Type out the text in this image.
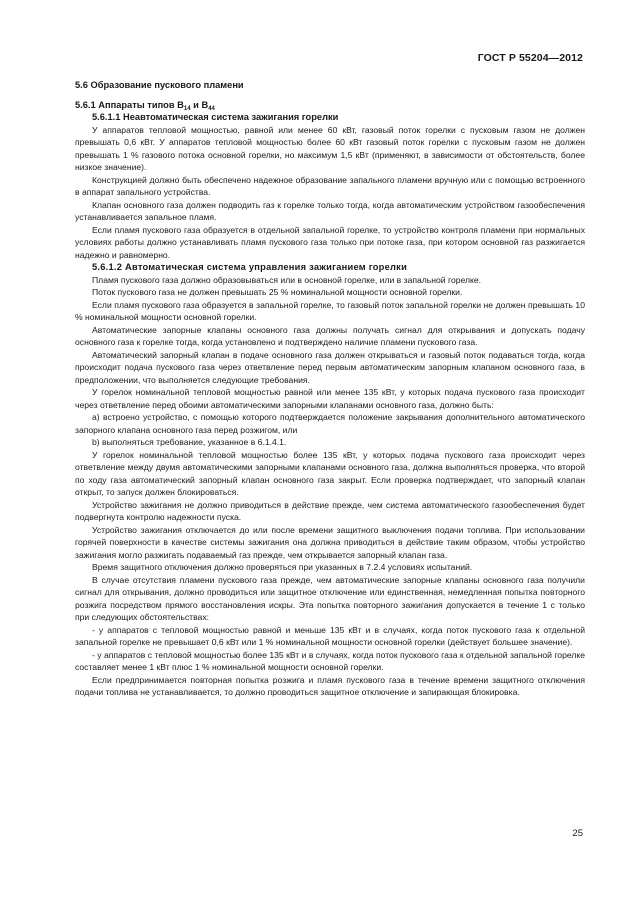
ГОСТ Р 55204—2012
5.6 Образование пускового пламени
5.6.1 Аппараты типов $В_{14}$ и $В_{44}$
5.6.1.1 Неавтоматическая система зажигания горелки

У аппаратов тепловой мощностью, равной или менее 60 кВт, газовый поток горелки с пусковым газом не должен превышать 0,6 кВт. У аппаратов тепловой мощностью более 60 кВт газовый поток горелки с пусковым газом не должен превышать 1 % газового потока основной горелки, но максимум 1,5 кВт (применяют, в зависимости от обстоятельств, более низкое значение).

Конструкцией должно быть обеспечено надежное образование запального пламени вручную или с помощью встроенного в аппарат запального устройства.

Клапан основного газа должен подводить газ к горелке только тогда, когда автоматическим устройством газообеспечения устанавливается запальное пламя.

Если пламя пускового газа образуется в отдельной запальной горелке, то устройство контроля пламени при нормальных условиях работы должно устанавливать пламя пускового газа только при потоке газа, при котором основной газ разжигается надежно и равномерно.

5.6.1.2 Автоматическая система управления зажиганием горелки

Пламя пускового газа должно образовываться или в основной горелке, или в запальной горелке.

Поток пускового газа не должен превышать 25 % номинальной мощности основной горелки.

Если пламя пускового газа образуется в запальной горелке, то газовый поток запальной горелки не должен превышать 10 % номинальной мощности основной горелки.

Автоматические запорные клапаны основного газа должны получать сигнал для открывания и допускать подачу основного газа к горелке тогда, когда установлено и подтверждено наличие пламени пускового газа.

Автоматический запорный клапан в подаче основного газа должен открываться и газовый поток подаваться тогда, когда происходит подача пускового газа через ответвление перед первым автоматическим запорным клапаном основного газа, в предположении, что выполняется следующие требования.

У горелок номинальной тепловой мощностью равной или менее 135 кВт, у которых подача пускового газа происходит через ответвление перед обоими автоматическими запорными клапанами основного газа, должно быть:

а) встроено устройство, с помощью которого подтверждается положение закрывания дополнительного автоматического запорного клапана основного газа перед розжигом, или

b) выполняться требование, указанное в 6.1.4.1.

У горелок номинальной тепловой мощностью более 135 кВт, у которых подача пускового газа происходит через ответвление между двумя автоматическими запорными клапанами основного газа, должна выполняться проверка, что второй по ходу газа автоматический запорный клапан основного газа закрыт. Если проверка подтверждает, что запорный клапан открыт, то запуск должен блокироваться.

Устройство зажигания не должно приводиться в действие прежде, чем система автоматического газообеспечения будет подвергнута контролю надежности пуска.

Устройство зажигания отключается до или после времени защитного выключения подачи топлива. При использовании горячей поверхности в качестве системы зажигания она должна приводиться в действие таким образом, чтобы устройство зажигания могло разжигать подаваемый газ прежде, чем открывается запорный клапан газа.

Время защитного отключения должно проверяться при указанных в 7.2.4 условиях испытаний.

В случае отсутствия пламени пускового газа прежде, чем автоматические запорные клапаны основного газа получили сигнал для открывания, должно проводиться или защитное отключение или единственная, немедленная попытка повторного розжига посредством прямого восстановления искры. Эта попытка повторного зажигания допускается в течение 1 с только при следующих обстоятельствах:

- у аппаратов с тепловой мощностью равной и меньше 135 кВт и в случаях, когда поток пускового газа к отдельной запальной горелке не превышает 0,6 кВт или 1 % номинальной мощности основной горелки (действует большее значение).

- у аппаратов с тепловой мощностью более 135 кВт и в случаях, когда поток пускового газа к отдельной запальной горелке составляет менее 1 кВт плюс 1 % номинальной мощности основной горелки.

Если предпринимается повторная попытка розжига и пламя пускового газа в течение времени защитного отключения подачи топлива не устанавливается, то должно проводиться защитное отключение и запирающая блокировка.

25
